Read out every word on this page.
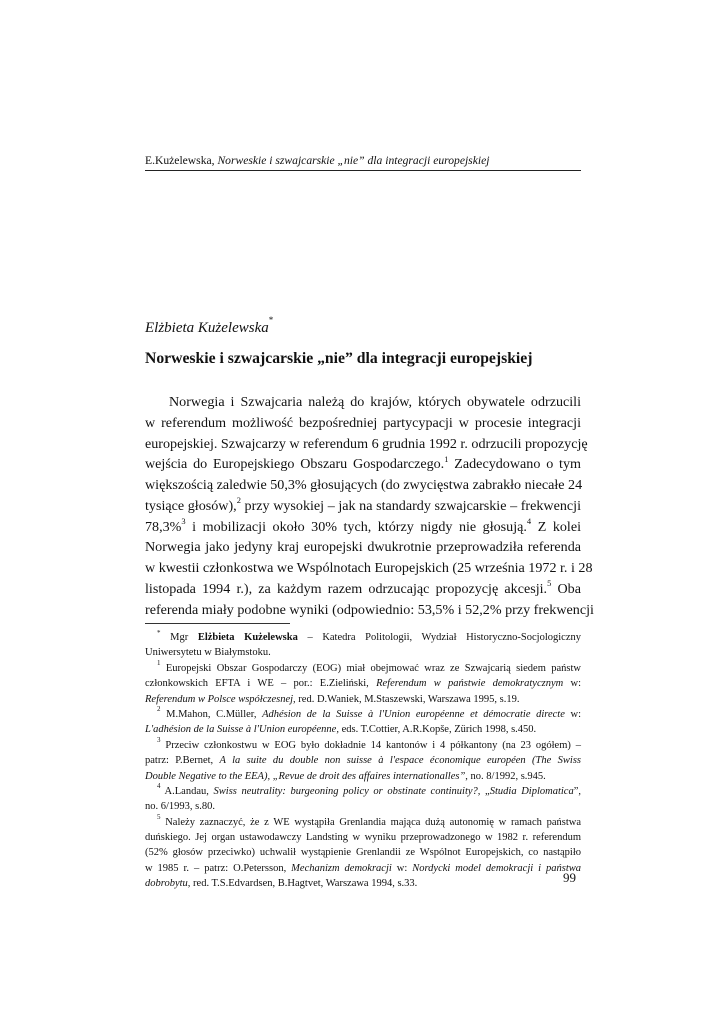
E.Kużelewska, Norweskie i szwajcarskie „nie” dla integracji europejskiej
Elżbieta Kużelewska*
Norweskie i szwajcarskie „nie” dla integracji europejskiej
Norwegia i Szwajcaria należą do krajów, których obywatele odrzucili
w referendum możliwość bezpośredniej partycypacji w procesie integracji
europejskiej. Szwajcarzy w referendum 6 grudnia 1992 r. odrzucili propozycję
wejścia do Europejskiego Obszaru Gospodarczego.$^1$ Zadecydowano o tym
większością zaledwie 50,3% głosujących (do zwycięstwa zabrakło niecałe 24
tysiące głosów),$^2$ przy wysokiej – jak na standardy szwajcarskie – frekwencji
78,3%$^3$ i mobilizacji około 30% tych, którzy nigdy nie głosują.$^4$ Z kolei
Norwegia jako jedyny kraj europejski dwukrotnie przeprowadziła referenda
w kwestii członkostwa we Wspólnotach Europejskich (25 września 1972 r. i 28
listopada 1994 r.), za każdym razem odrzucając propozycję akcesji.$^5$ Oba
referenda miały podobne wyniki (odpowiednio: 53,5% i 52,2% przy frekwencji
* Mgr Elżbieta Kużelewska – Katedra Politologii, Wydział Historyczno-Socjologiczny
Uniwersytetu w Białymstoku.
$^1$ Europejski Obszar Gospodarczy (EOG) miał obejmować wraz ze Szwajcarią siedem państw
członkowskich EFTA i WE – por.: E.Zieliński, Referendum w państwie demokratycznym w:
Referendum w Polsce współczesnej, red. D.Waniek, M.Staszewski, Warszawa 1995, s.19.
$^2$ M.Mahon, C.Müller, Adhésion de la Suisse à l'Union européenne et démocratie directe w:
L'adhésion de la Suisse à l'Union européenne, eds. T.Cottier, A.R.Kopše, Zürich 1998, s.450.
$^3$ Przeciw członkostwu w EOG było dokładnie 14 kantonów i 4 półkantony (na 23 ogółem) –
patrz: P.Bernet, A la suite du double non suisse à l'espace économique européen (The Swiss
Double Negative to the EEA), „Revue de droit des affaires internationalles”, no. 8/1992, s.945.
$^4$ A.Landau, Swiss neutrality: burgeoning policy or obstinate continuity?, „Studia Diplomatica”,
no. 6/1993, s.80.
$^5$ Należy zaznaczyć, że z WE wystąpiła Grenlandia mająca dużą autonomię w ramach państwa
duńskiego. Jej organ ustawodawczy Landsting w wyniku przeprowadzonego w 1982 r. referendum
(52% głosów przeciwko) uchwalił wystąpienie Grenlandii ze Wspólnot Europejskich, co nastąpiło
w 1985 r. – patrz: O.Petersson, Mechanizm demokracji w: Nordycki model demokracji i państwa
dobrobytu, red. T.S.Edvardsen, B.Hagtvet, Warszawa 1994, s.33.	99
